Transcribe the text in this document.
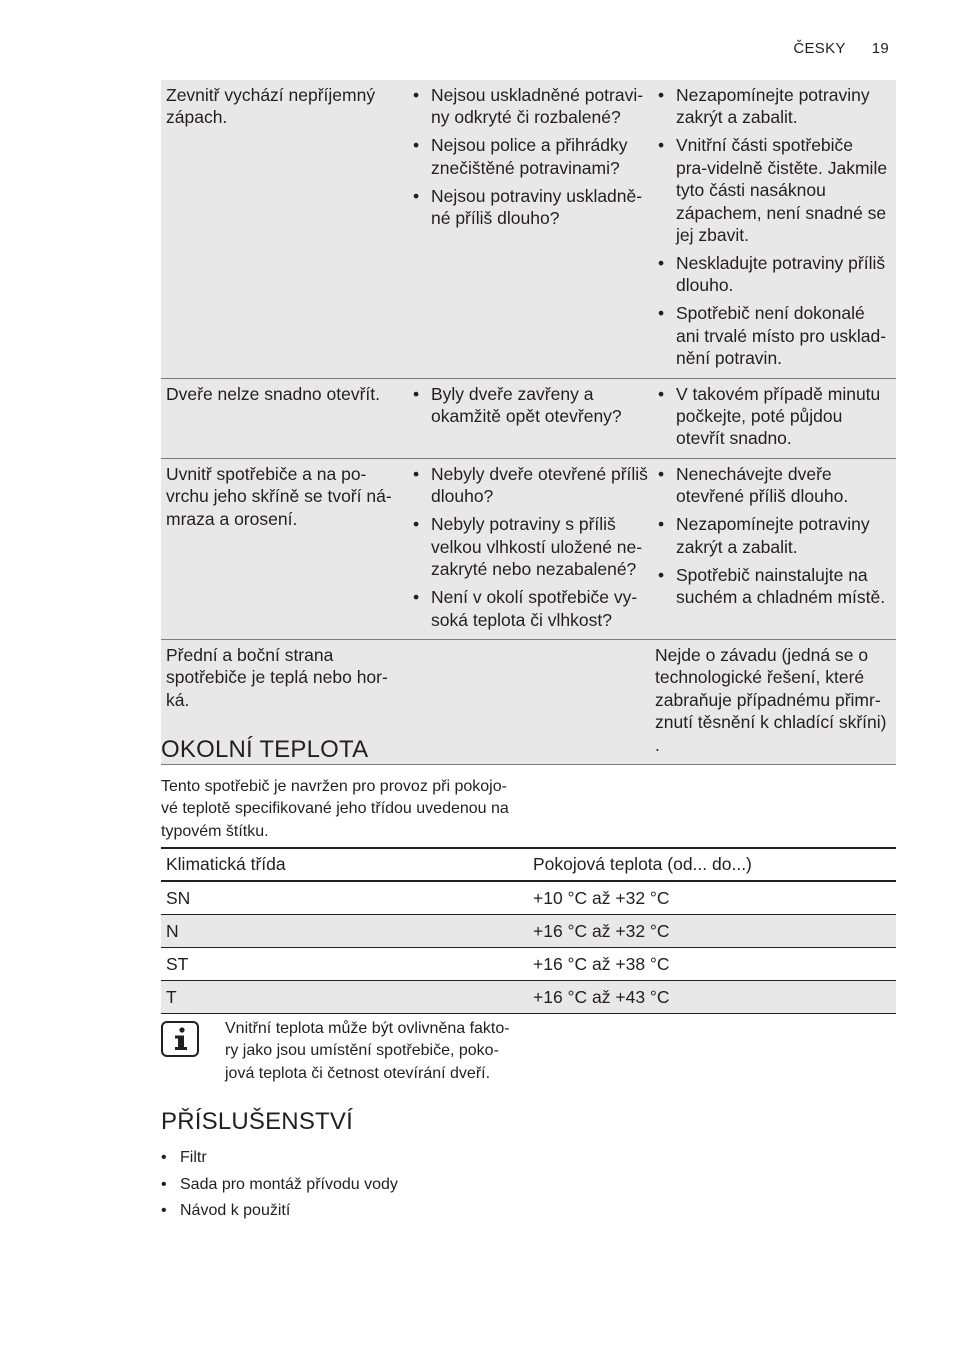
ČESKY 19
Zevnitř vychází nepříjemný zápach.
• Nejsou uskladněné potravi-ny odkryté či rozbalené?
• Nejsou police a přihrádky znečištěné potravinami?
• Nejsou potraviny uskladně-né příliš dlouho?
• Nezapomínejte potraviny zakrýt a zabalit.
• Vnitřní části spotřebiče pra-videlně čistěte. Jakmile tyto části nasáknou zápachem, není snadné se jej zbavit.
• Neskladujte potraviny příliš dlouho.
• Spotřebič není dokonalé ani trvalé místo pro usklad-nění potravin.
Dveře nelze snadno otevřít.
•	Byly dveře zavřeny a okamžitě opět otevřeny?
• V takovém případě minutu počkejte, poté půjdou otevřít snadno.
Uvnitř spotřebiče a na po-vrchu jeho skříně se tvoří ná-mraza a orosení.
• Nebyly dveře otevřené příliš dlouho?
• Nebyly potraviny s příliš velkou vlhkostí uložené ne-zakryté nebo nezabalené?
• Není v okolí spotřebiče vy-soká teplota či vlhkost?
• Nenechávejte dveře otevřené příliš dlouho.
• Nezapomínejte potraviny zakrýt a zabalit.
• Spotřebič nainstalujte na suchém a chladném místě.
Přední a boční strana spotřebiče je teplá nebo hor-ká.
Nejde o závadu (jedná se o technologické řešení, které zabraňuje případnému přimr-znutí těsnění k chladící skříni) .
OKOLNÍ TEPLOTA
Tento spotřebič je navržen pro provoz při pokojo-vé teplotě specifikované jeho třídou uvedenou na typovém štítku.
Klimatická třída	Pokojová teplota (od... do...)
SN	+10 °C až +32 °C
N	+16 °C až +32 °C
ST	+16 °C až +38 °C
T	+16 °C až +43 °C
Vnitřní teplota může být ovlivněna fakto-ry jako jsou umístění spotřebiče, poko-jová teplota či četnost otevírání dveří.
PŘÍSLUŠENSTVÍ
• Filtr
• Sada pro montáž přívodu vody
• Návod k použití
